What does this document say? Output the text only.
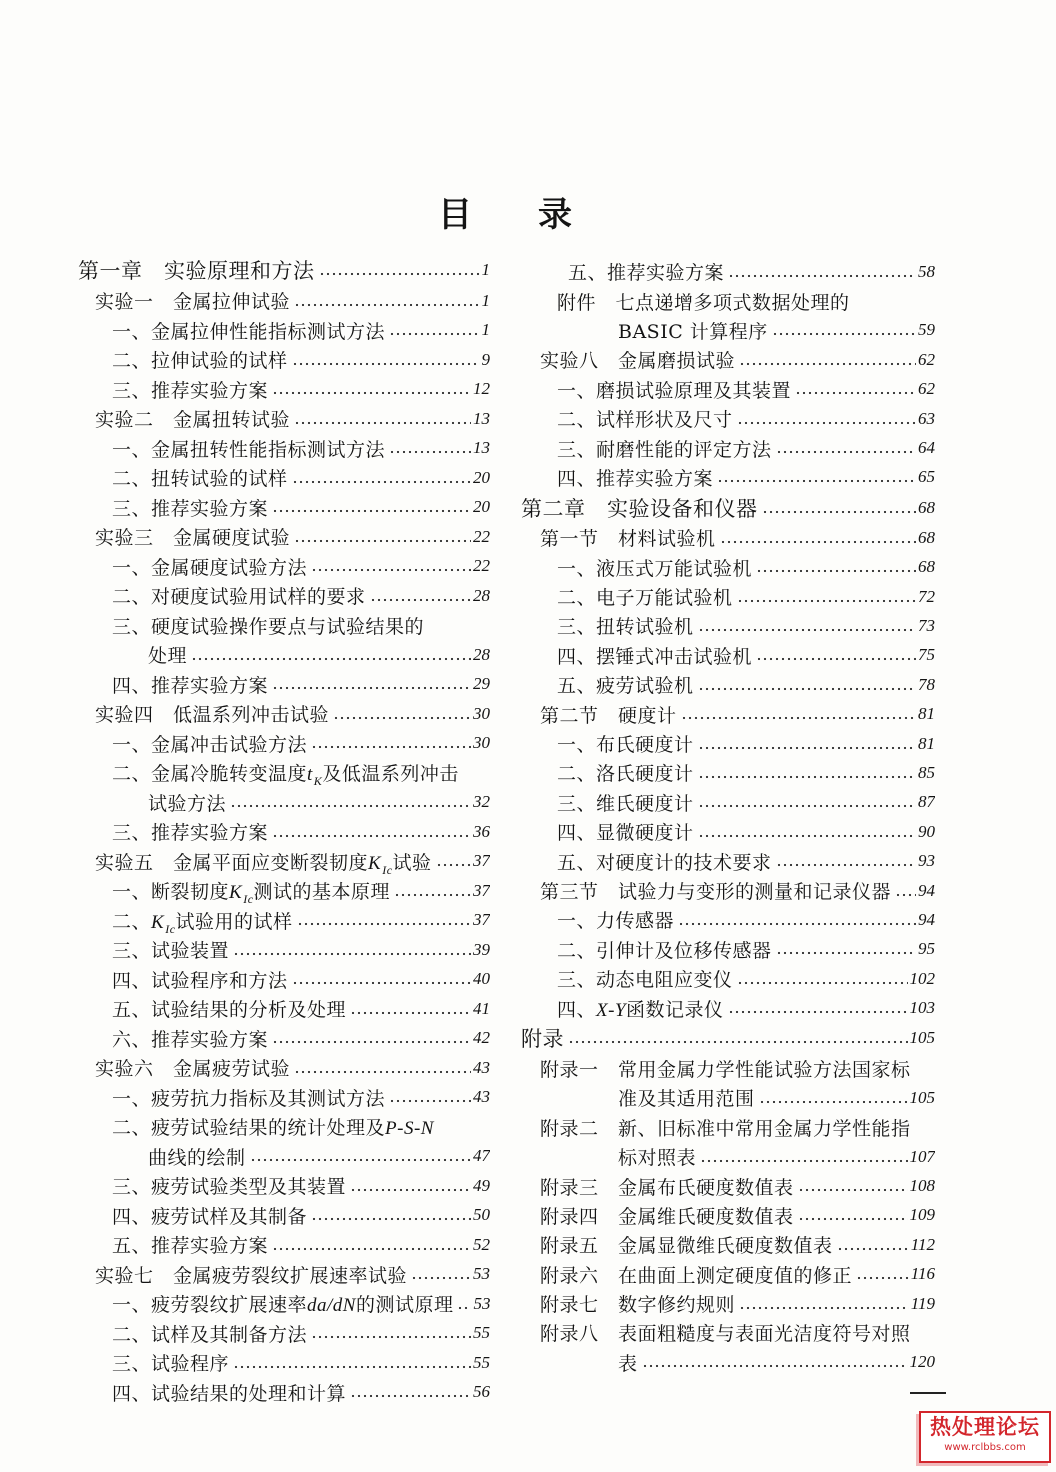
目录
第一章　实验原理和方法	1
实验一　金属拉伸试验	1
一、金属拉伸性能指标测试方法	1
二、拉伸试验的试样	9
三、推荐实验方案	12
实验二　金属扭转试验	13
一、金属扭转性能指标测试方法	13
二、扭转试验的试样	20
三、推荐实验方案	20
实验三　金属硬度试验	22
一、金属硬度试验方法	22
二、对硬度试验用试样的要求	28
三、硬度试验操作要点与试验结果的
处理	28
四、推荐实验方案	29
实验四　低温系列冲击试验	30
一、金属冲击试验方法	30
二、金属冷脆转变温度$t_K$及低温系列冲击
试验方法	32
三、推荐实验方案	36
实验五　金属平面应变断裂韧度$K_{Ic}$试验 37
一、断裂韧度$K_{Ic}$测试的基本原理	37
二、$K_{Ic}$试验用的试样	37
三、试验装置	39
四、试验程序和方法	40
五、试验结果的分析及处理	41
六、推荐实验方案	42
实验六　金属疲劳试验	43
一、疲劳抗力指标及其测试方法	43
二、疲劳试验结果的统计处理及P-S-N
曲线的绘制	47
三、疲劳试验类型及其装置	49
四、疲劳试样及其制备	50
五、推荐实验方案	52
实验七　金属疲劳裂纹扩展速率试验	53
一、疲劳裂纹扩展速率da/dN的测试原理 53
二、试样及其制备方法	55
三、试验程序	55
四、试验结果的处理和计算	56
五、推荐实验方案	58
附件　七点递增多项式数据处理的
BASIC 计算程序	59
实验八　金属磨损试验	62
一、磨损试验原理及其装置	62
二、试样形状及尺寸	63
三、耐磨性能的评定方法	64
四、推荐实验方案	65
第二章　实验设备和仪器	68
第一节　材料试验机	68
一、液压式万能试验机	68
二、电子万能试验机	72
三、扭转试验机	73
四、摆锤式冲击试验机	75
五、疲劳试验机	78
第二节　硬度计	81
一、布氏硬度计	81
二、洛氏硬度计	85
三、维氏硬度计	87
四、显微硬度计	90
五、对硬度计的技术要求	93
第三节　试验力与变形的测量和记录仪器 94
一、力传感器	94
二、引伸计及位移传感器	95
三、动态电阻应变仪	102
四、X-Y函数记录仪	103
附录	105
附录一　常用金属力学性能试验方法国家标
准及其适用范围	105
附录二　新、旧标准中常用金属力学性能指
标对照表	107
附录三　金属布氏硬度数值表	108
附录四　金属维氏硬度数值表	109
附录五　金属显微维氏硬度数值表	112
附录六　在曲面上测定硬度值的修正	116
附录七　数字修约规则	119
附录八　表面粗糙度与表面光洁度符号对照
表	120
热处理论坛
www.rclbbs.com
